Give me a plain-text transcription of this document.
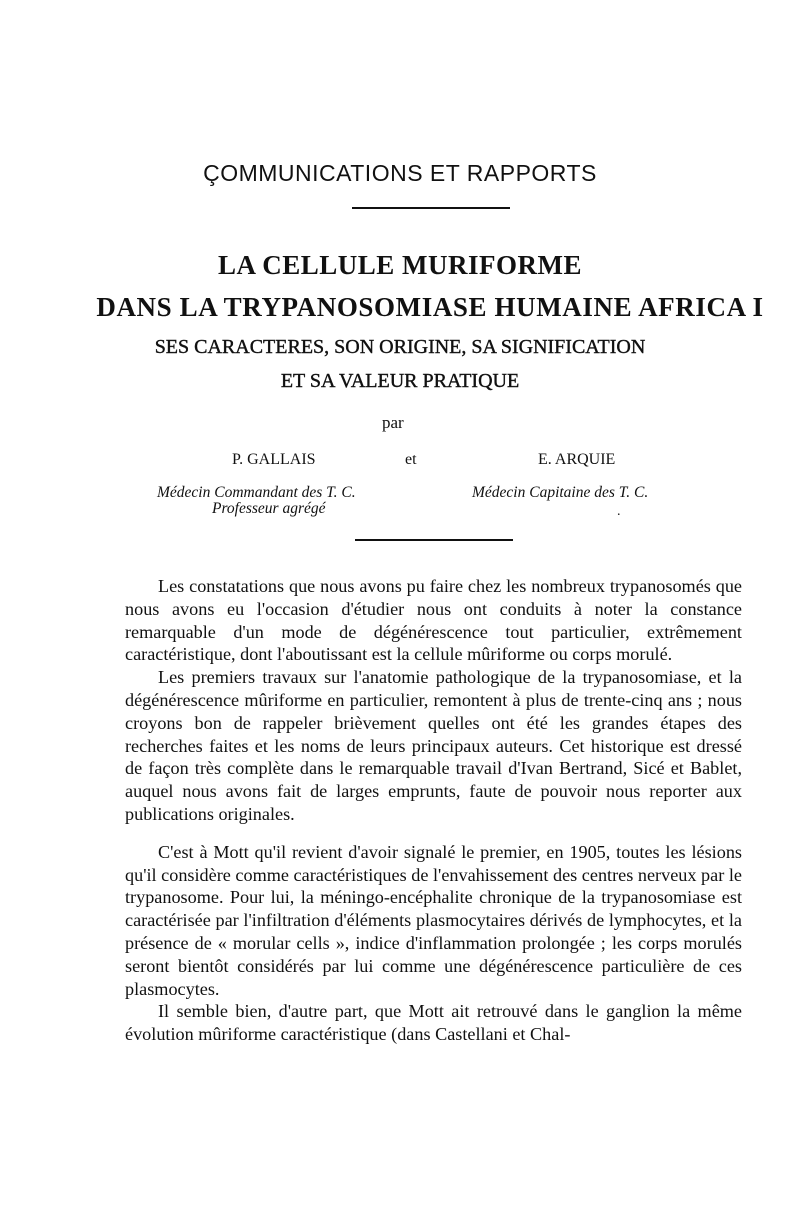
ÇOMMUNICATIONS ET RAPPORTS
LA CELLULE MURIFORME
DANS LA TRYPANOSOMIASE HUMAINE AFRICA I
SES CARACTERES, SON ORIGINE, SA SIGNIFICATION
ET SA VALEUR PRATIQUE
par
P. GALLAIS	et	E. ARQUIE
Médecin Commandant des T. C.
Professeur agrégé
Médecin Capitaine des T. C.
.

Les constatations que nous avons pu faire chez les nombreux trypanosomés que nous avons eu l'occasion d'étudier nous ont conduits à noter la constance remarquable d'un mode de dégénérescence tout particulier, extrêmement caractéristique, dont l'aboutissant est la cellule mûriforme ou corps morulé.

Les premiers travaux sur l'anatomie pathologique de la trypanosomiase, et la dégénérescence mûriforme en particulier, remontent à plus de trente-cinq ans ; nous croyons bon de rappeler brièvement quelles ont été les grandes étapes des recherches faites et les noms de leurs principaux auteurs. Cet historique est dressé de façon très complète dans le remarquable travail d'Ivan Bertrand, Sicé et Bablet, auquel nous avons fait de larges emprunts, faute de pouvoir nous reporter aux publications originales.

C'est à Mott qu'il revient d'avoir signalé le premier, en 1905, toutes les lésions qu'il considère comme caractéristiques de l'envahissement des centres nerveux par le trypanosome. Pour lui, la méningo-encéphalite chronique de la trypanosomiase est caractérisée par l'infiltration d'éléments plasmocytaires dérivés de lymphocytes, et la présence de « morular cells », indice d'inflammation prolongée ; les corps morulés seront bientôt considérés par lui comme une dégénérescence particulière de ces plasmocytes.

Il semble bien, d'autre part, que Mott ait retrouvé dans le ganglion la même évolution mûriforme caractéristique (dans Castellani et Chal-
